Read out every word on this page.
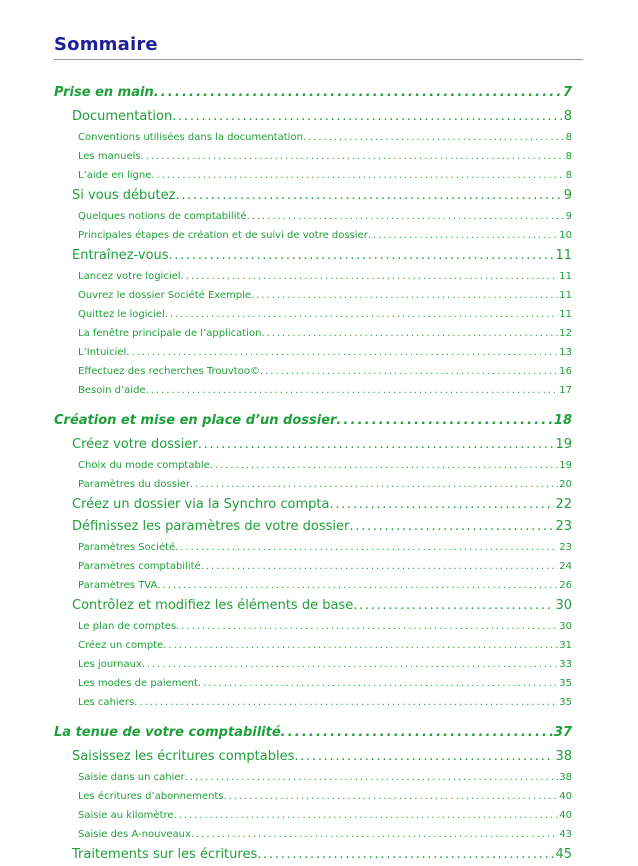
Sommaire
Prise en main . . .	7
Documentation . . .	8
Conventions utilisées dans la documentation . . .	8
Les manuels . . .	8
L’aide en ligne . . .	8
Si vous débutez . . .	9
Quelques notions de comptabilité . . .	9
Principales étapes de création et de suivi de votre dossier . . .	10
Entraînez-vous . . .	11
Lancez votre logiciel . . .	11
Ouvrez le dossier Société Exemple . . .	11
Quittez le logiciel . . .	11
La fenêtre principale de l’application . . .	12
L’Intuiciel . . .	13
Effectuez des recherches Trouvtoo© . . .	16
Besoin d’aide . . .	17
Création et mise en place d’un dossier . . .	18
Créez votre dossier . . .	19
Choix du mode comptable . . .	19
Paramètres du dossier . . .	20
Créez un dossier via la Synchro compta . . .	22
Définissez les paramètres de votre dossier . . .	23
Paramètres Société . . .	23
Paramètres comptabilité . . .	24
Paramètres TVA . . .	26
Contrôlez et modifiez les éléments de base . . .	30
Le plan de comptes . . .	30
Créez un compte . . .	31
Les journaux . . .	33
Les modes de paiement . . .	35
Les cahiers . . .	35
La tenue de votre comptabilité . . .	37
Saisissez les écritures comptables . . .	38
Saisie dans un cahier . . .	38
Les écritures d’abonnements . . .	40
Saisie au kilomètre . . .	40
Saisie des A-nouveaux . . .	43
Traitements sur les écritures . . .	45
